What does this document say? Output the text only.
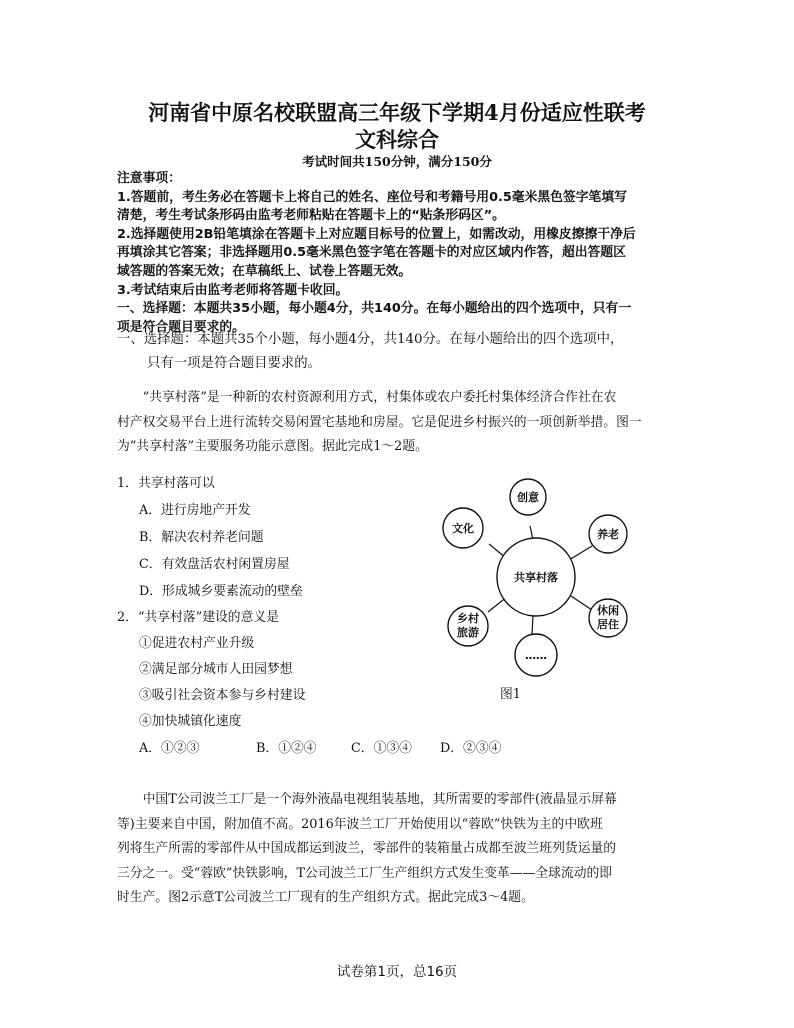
河南省中原名校联盟高三年级下学期4月份适应性联考
文科综合
考试时间共150分钟，满分150分

注意事项：

1.答题前，考生务必在答题卡上将自己的姓名、座位号和考籍号用0.5毫米黑色签字笔填写

清楚，考生考试条形码由监考老师粘贴在答题卡上的“贴条形码区”。

2.选择题使用2B铅笔填涂在答题卡上对应题目标号的位置上，如需改动，用橡皮擦擦干净后

再填涂其它答案；非选择题用0.5毫米黑色签字笔在答题卡的对应区域内作答，超出答题区

域答题的答案无效；在草稿纸上、试卷上答题无效。

3.考试结束后由监考老师将答题卡收回。

一、选择题：本题共35小题，每小题4分，共140分。在每小题给出的四个选项中，只有一

项是符合题目要求的。

一、选择题：本题共35个小题，每小题4分，共140分。在每小题给出的四个选项中，

只有一项是符合题目要求的。

“共享村落”是一种新的农村资源利用方式，村集体或农户委托村集体经济合作社在农

村产权交易平台上进行流转交易闲置宅基地和房屋。它是促进乡村振兴的一项创新举措。图一

为“共享村落”主要服务功能示意图。据此完成1～2题。

1．共享村落可以
A．进行房地产开发
B．解决农村养老问题
C．有效盘活农村闲置房屋
D．形成城乡要素流动的壁垒
2．“共享村落”建设的意义是
①促进农村产业升级
②满足部分城市人田园梦想
③吸引社会资本参与乡村建设
④加快城镇化速度
A．①②③	B．①②④	C．①③④ D．②③④
共享村落
创意
文化	养老
乡村
旅游
休闲
居住
……
图1

中国T公司波兰工厂是一个海外液晶电视组装基地，其所需要的零部件(液晶显示屏幕

等)主要来自中国，附加值不高。2016年波兰工厂开始使用以“蓉欧”快铁为主的中欧班

列将生产所需的零部件从中国成都运到波兰，零部件的装箱量占成都至波兰班列货运量的

三分之一。受“蓉欧”快铁影响，T公司波兰工厂生产组织方式发生变革——全球流动的即

时生产。图2示意T公司波兰工厂现有的生产组织方式。据此完成3～4题。

试卷第1页，总16页
